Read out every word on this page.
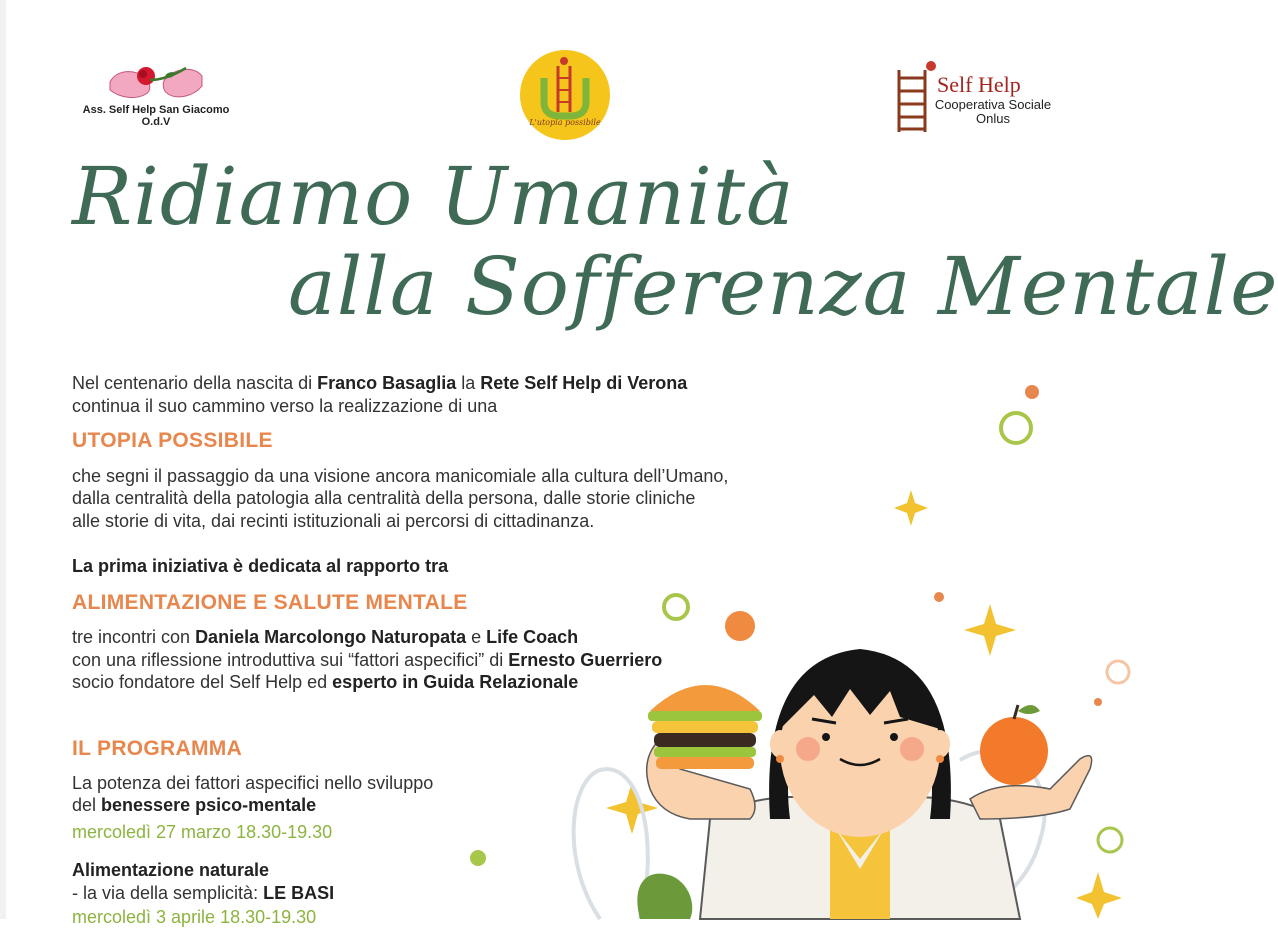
Ass. Self Help San Giacomo
O.d.V	L'utopia possibile
Self Help
Cooperativa Sociale
Onlus
Ridiamo Umanità
alla Sofferenza Mentale
Nel centenario della nascita di Franco Basaglia la Rete Self Help di Verona
continua il suo cammino verso la realizzazione di una
UTOPIA POSSIBILE
che segni il passaggio da una visione ancora manicomiale alla cultura dell’Umano,
dalla centralità della patologia alla centralità della persona, dalle storie cliniche
alle storie di vita, dai recinti istituzionali ai percorsi di cittadinanza.
La prima iniziativa è dedicata al rapporto tra
ALIMENTAZIONE E SALUTE MENTALE
tre incontri con Daniela Marcolongo Naturopata e Life Coach
con una riflessione introduttiva sui “fattori aspecifici” di Ernesto Guerriero
socio fondatore del Self Help ed esperto in Guida Relazionale
IL PROGRAMMA
La potenza dei fattori aspecifici nello sviluppo
del benessere psico-mentale
mercoledì 27 marzo 18.30-19.30
Alimentazione naturale
- la via della semplicità: LE BASI
mercoledì 3 aprile 18.30-19.30
